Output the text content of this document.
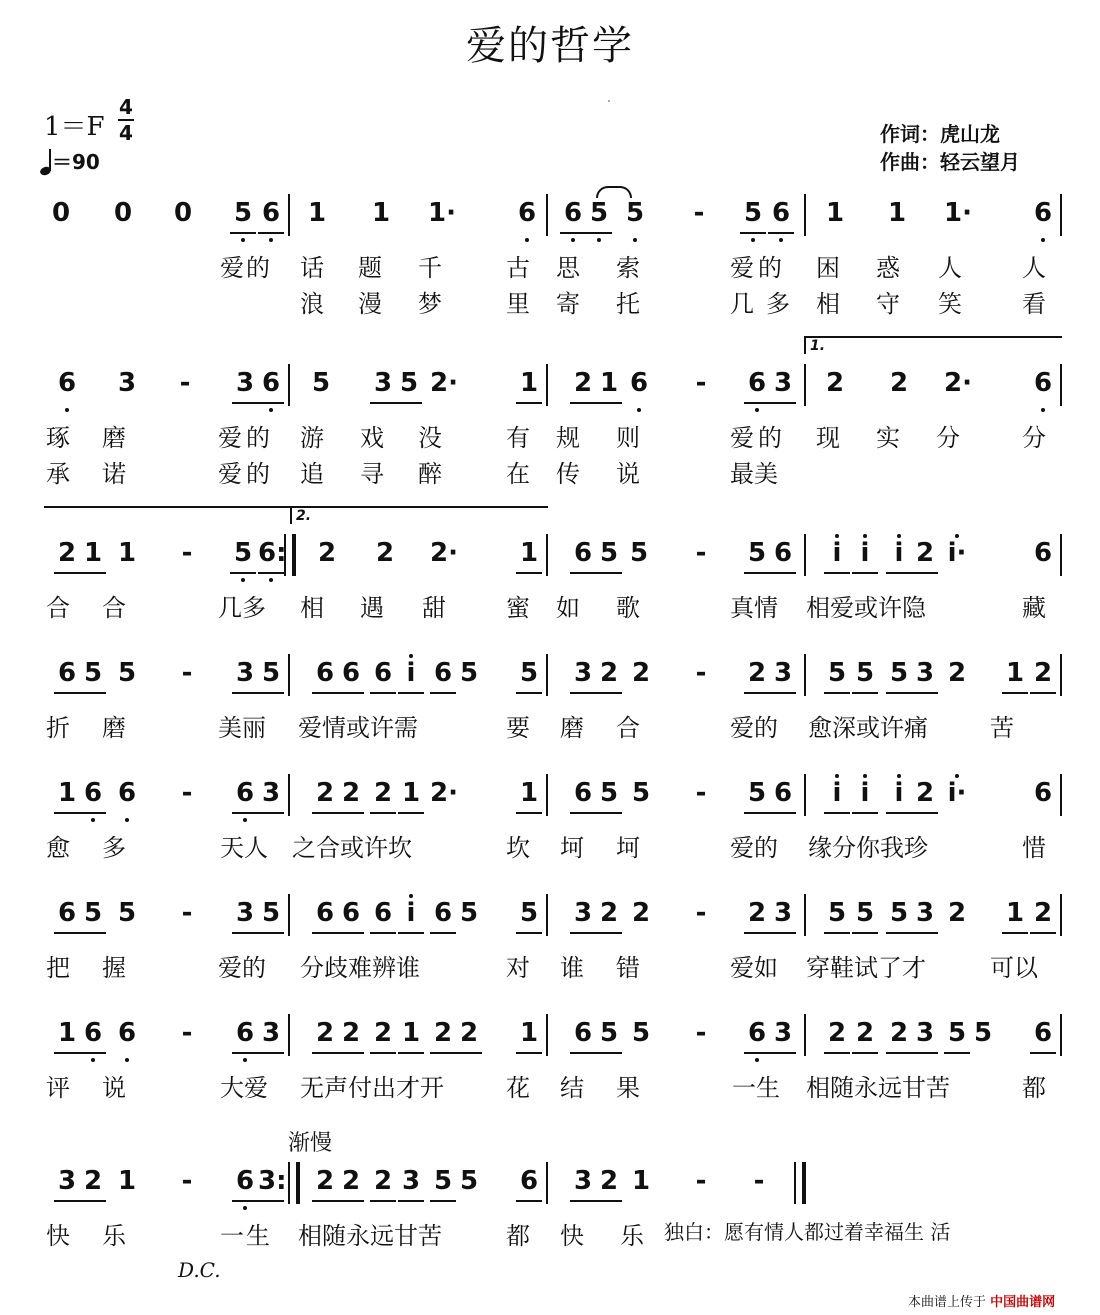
爱的哲学
1＝F
4
4
＝90
作词：虎山龙
作曲：轻云望月
0 0 0 5 6 1 1 1· 6 6 5 5 - 5 6 1 1 1· 6
爱 的 话 题 千	古 思 索	爱 的 困 惑 人	人
浪 漫 梦	里 寄 托	几 多 相 守 笑	看
6 3 - 3 6 5 3 5 2· 1 2 1 6 - 6 3 2 2 2· 6
琢 磨	爱 的 游 戏 没	有 规 则	爱 的 现 实 分	分
承 诺	爱 的 追 寻 醉	在 传 说	最美
2 1 1 - 5 6: 2 2 2· 1 6 5 5 - 5 6	i i i 2 i·	6
合 合	几多 相 遇 甜	蜜 如 歌	真情 相爱或许隐	藏
6 5 5 - 3 5 6 6 6 i 6 5 5 3 2 2 - 2 3 5 5 5 3 2 1 2
折 磨	美丽 爱情或许需	要 磨 合	爱的 愈深或许痛	苦
1 6 6 - 6 3 2 2 2 1 2· 1 6 5 5 - 5 6	i i i 2 i·	6
愈 多	天人 之合或许坎	坎 坷 坷	爱的 缘分你我珍	惜
6 5 5 - 3 5 6 6 6 i 6 5 5 3 2 2 - 2 3 5 5 5 3 2 1 2
把 握	爱的 分歧难辨谁	对 谁 错	爱如 穿鞋试了才	可以
1 6 6 - 6 3 2 2 2 1 2 2 1 6 5 5 - 6 3 2 2 2 3 5 5 6
评 说	大爱 无声付出才开	花 结 果	一生 相随永远甘苦	都
3 2 1 - 6 3: 2 2 2 3 5 5 6 3 2 1 - -
快 乐	一 生 相随永远甘苦	都 快 乐
1.
2.
渐慢
独白：愿有情人都过着幸福生 活
D.C.
本曲谱上传于 中国曲谱网
